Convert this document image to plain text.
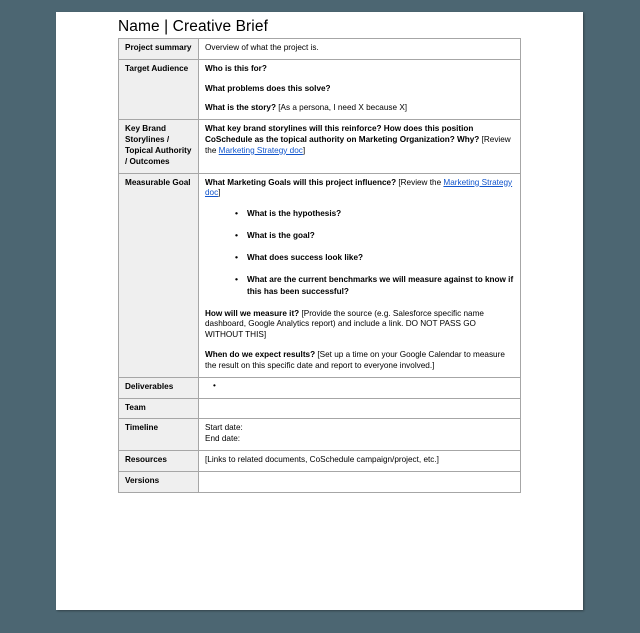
Name | Creative Brief
Project summary	Overview of what the project is.

Target Audience	Who is this for?

What problems does this solve?

What is the story? [As a persona, I need X because X]

Key Brand Storylines / Topical Authority / Outcomes	What key brand storylines will this reinforce? How does this position CoSchedule as the topical authority on Marketing Organization? Why? [Review the Marketing Strategy doc]

Measurable Goal	What Marketing Goals will this project influence? [Review the Marketing Strategy doc]

• What is the hypothesis?
• What is the goal?
• What does success look like?
• What are the current benchmarks we will measure against to know if this has been successful?

How will we measure it? [Provide the source (e.g. Salesforce specific name dashboard, Google Analytics report) and include a link. DO NOT PASS GO WITHOUT THIS]

When do we expect results? [Set up a time on your Google Calendar to measure the result on this specific date and report to everyone involved.]

Deliverables	
•

Team	

Timeline	Start date:

End date:

Resources	[Links to related documents, CoSchedule campaign/project, etc.]

Versions	
